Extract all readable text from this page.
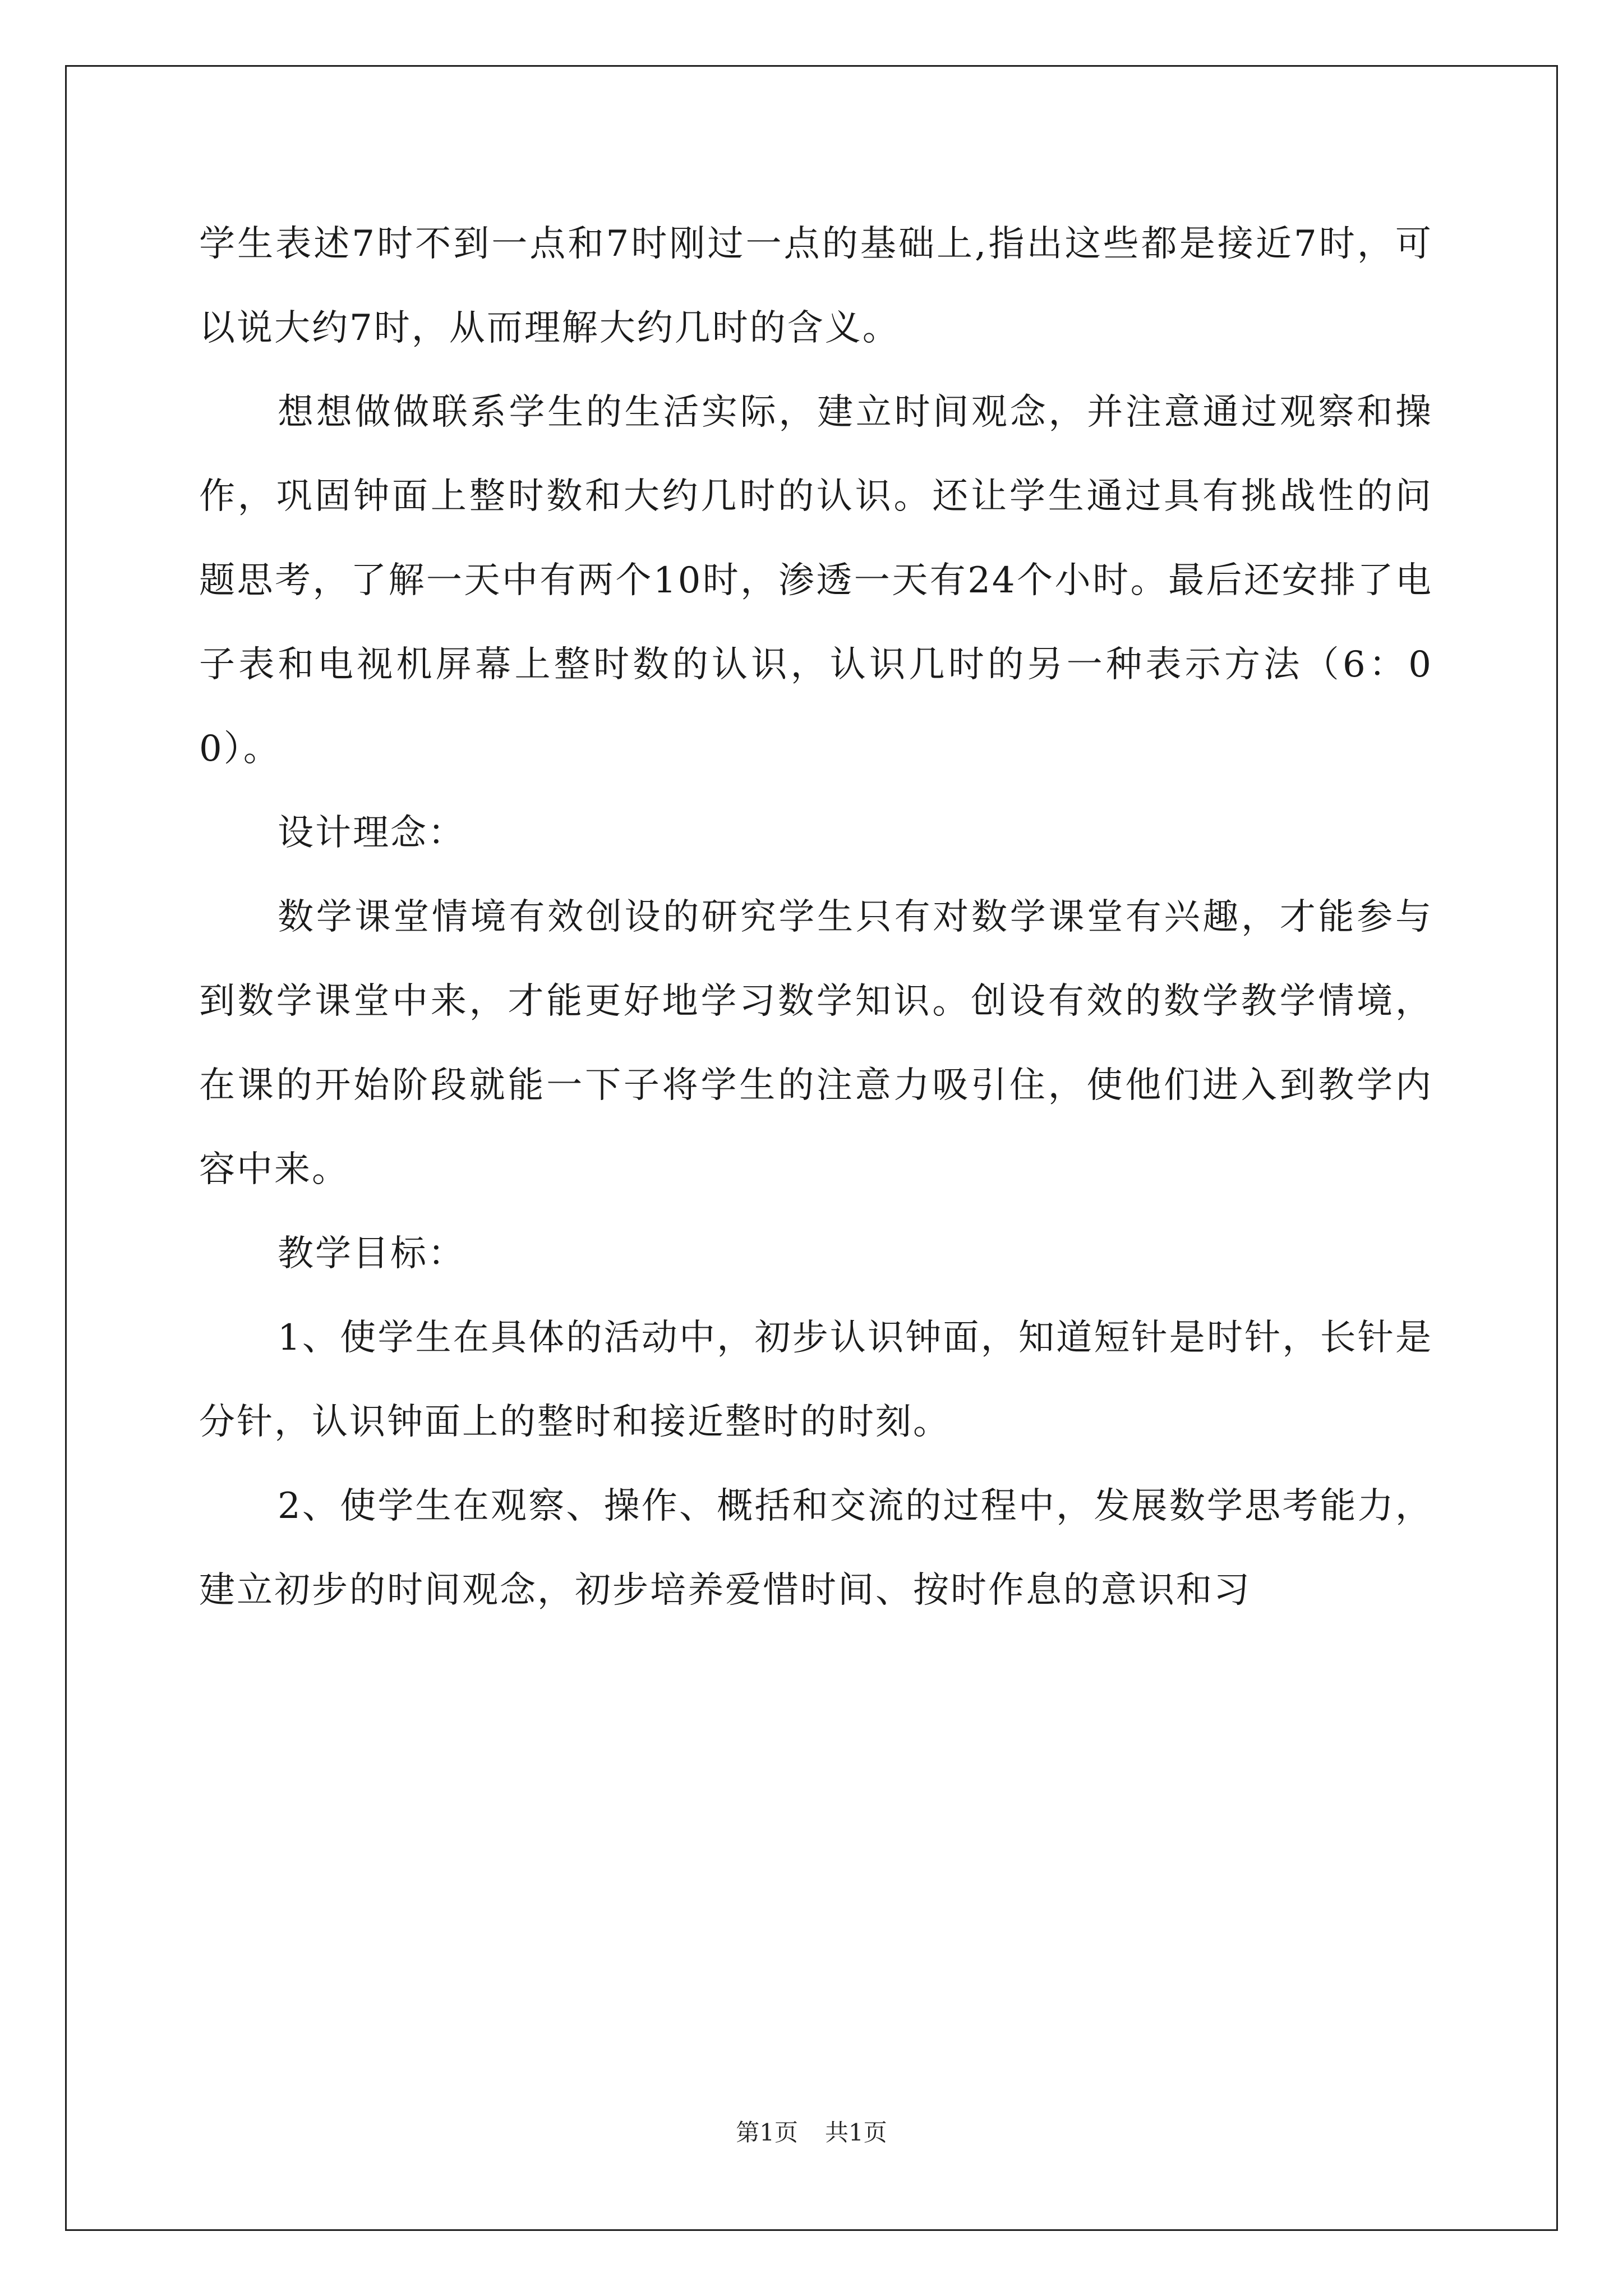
学生表述7时不到一点和7时刚过一点的基础上,指出这些都是接近7时，可以说大约7时，从而理解大约几时的含义。

想想做做联系学生的生活实际，建立时间观念，并注意通过观察和操作，巩固钟面上整时数和大约几时的认识。还让学生通过具有挑战性的问题思考，了解一天中有两个10时，渗透一天有24个小时。最后还安排了电子表和电视机屏幕上整时数的认识，认识几时的另一种表示方法（6：00）。

设计理念：

数学课堂情境有效创设的研究学生只有对数学课堂有兴趣，才能参与到数学课堂中来，才能更好地学习数学知识。创设有效的数学教学情境，在课的开始阶段就能一下子将学生的注意力吸引住，使他们进入到教学内容中来。

教学目标：

1、使学生在具体的活动中，初步认识钟面，知道短针是时针，长针是分针，认识钟面上的整时和接近整时的时刻。

2、使学生在观察、操作、概括和交流的过程中，发展数学思考能力，建立初步的时间观念，初步培养爱惜时间、按时作息的意识和习

第1页 共1页
